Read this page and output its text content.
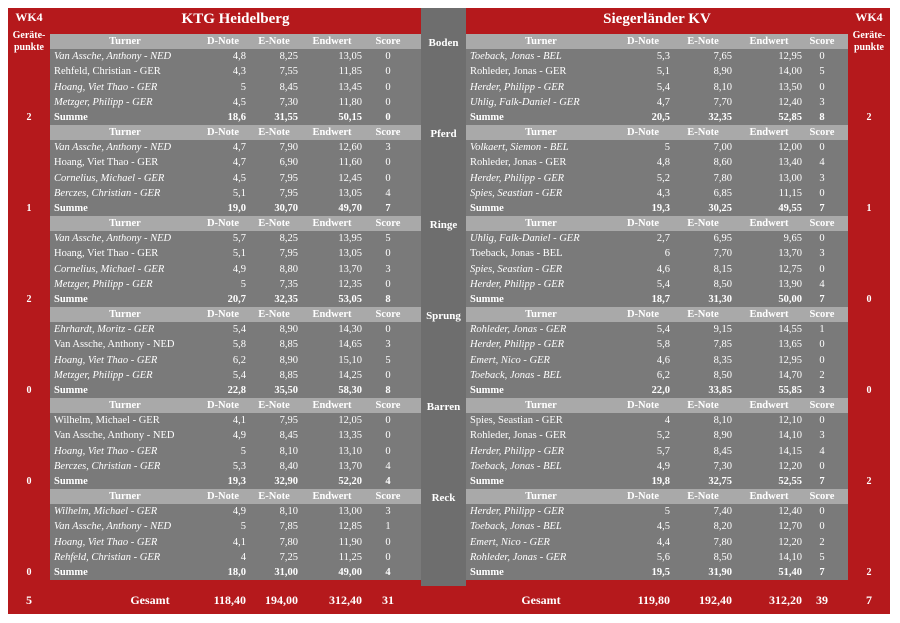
WK4
Geräte-punkte
WK4
Geräte-punkte
KTG Heidelberg	Siegerländer KV
Boden
Turner	D-Note	E-Note	Endwert	Score
Van Assche, Anthony - NED	4,8	8,25	13,05	0
Rehfeld, Christian - GER	4,3	7,55	11,85	0
Hoang, Viet Thao - GER	5	8,45	13,45	0
Metzger, Philipp - GER	4,5	7,30	11,80	0
Summe	18,6	31,55	50,15	0
2
Turner	D-Note	E-Note	Endwert	Score
Toeback, Jonas - BEL	5,3	7,65	12,95	0
Rohleder, Jonas - GER	5,1	8,90	14,00	5
Herder, Philipp - GER	5,4	8,10	13,50	0
Uhlig, Falk-Daniel - GER	4,7	7,70	12,40	3
Summe	20,5	32,35	52,85	8	2
Pferd
Turner	D-Note	E-Note	Endwert	Score
Van Assche, Anthony - NED	4,7	7,90	12,60	3
Hoang, Viet Thao - GER	4,7	6,90	11,60	0
Cornelius, Michael - GER	4,5	7,95	12,45	0
Berczes, Christian - GER	5,1	7,95	13,05	4
Summe	19,0	30,70	49,70	7
1
Turner	D-Note	E-Note	Endwert	Score
Volkaert, Siemon - BEL	5	7,00	12,00	0
Rohleder, Jonas - GER	4,8	8,60	13,40	4
Herder, Philipp - GER	5,2	7,80	13,00	3
Spies, Seastian - GER	4,3	6,85	11,15	0
Summe	19,3	30,25	49,55	7	1
Ringe
Turner	D-Note	E-Note	Endwert	Score
Van Assche, Anthony - NED	5,7	8,25	13,95	5
Hoang, Viet Thao - GER	5,1	7,95	13,05	0
Cornelius, Michael - GER	4,9	8,80	13,70	3
Metzger, Philipp - GER	5	7,35	12,35	0
Summe	20,7	32,35	53,05	8
2
Turner	D-Note	E-Note	Endwert	Score
Uhlig, Falk-Daniel - GER	2,7	6,95	9,65	0
Toeback, Jonas - BEL	6	7,70	13,70	3
Spies, Seastian - GER	4,6	8,15	12,75	0
Herder, Philipp - GER	5,4	8,50	13,90	4
Summe	18,7	31,30	50,00	7	0
Sprung
Turner	D-Note	E-Note	Endwert	Score
Ehrhardt, Moritz - GER	5,4	8,90	14,30	0
Van Assche, Anthony - NED	5,8	8,85	14,65	3
Hoang, Viet Thao - GER	6,2	8,90	15,10	5
Metzger, Philipp - GER	5,4	8,85	14,25	0
Summe	22,8	35,50	58,30	8
0
Turner	D-Note	E-Note	Endwert	Score
Rohleder, Jonas - GER	5,4	9,15	14,55	1
Herder, Philipp - GER	5,8	7,85	13,65	0
Emert, Nico - GER	4,6	8,35	12,95	0
Toeback, Jonas - BEL	6,2	8,50	14,70	2
Summe	22,0	33,85	55,85	3	0
Barren
Turner	D-Note	E-Note	Endwert	Score
Wilhelm, Michael - GER	4,1	7,95	12,05	0
Van Assche, Anthony - NED	4,9	8,45	13,35	0
Hoang, Viet Thao - GER	5	8,10	13,10	0
Berczes, Christian - GER	5,3	8,40	13,70	4
Summe	19,3	32,90	52,20	4
0
Turner	D-Note	E-Note	Endwert	Score
Spies, Seastian - GER	4	8,10	12,10	0
Rohleder, Jonas - GER	5,2	8,90	14,10	3
Herder, Philipp - GER	5,7	8,45	14,15	4
Toeback, Jonas - BEL	4,9	7,30	12,20	0
Summe	19,8	32,75	52,55	7	2
Reck
Turner	D-Note	E-Note	Endwert	Score
Wilhelm, Michael - GER	4,9	8,10	13,00	3
Van Assche, Anthony - NED	5	7,85	12,85	1
Hoang, Viet Thao - GER	4,1	7,80	11,90	0
Rehfeld, Christian - GER	4	7,25	11,25	0
Summe	18,0	31,00	49,00	4
0
Turner	D-Note	E-Note	Endwert	Score
Herder, Philipp - GER	5	7,40	12,40	0
Toeback, Jonas - BEL	4,5	8,20	12,70	0
Emert, Nico - GER	4,4	7,80	12,20	2
Rohleder, Jonas - GER	5,6	8,50	14,10	5
Summe	19,5	31,90	51,40	7	2
5	Gesamt	118,40	194,00	312,40	31	Gesamt	119,80	192,40	312,20	39	7
